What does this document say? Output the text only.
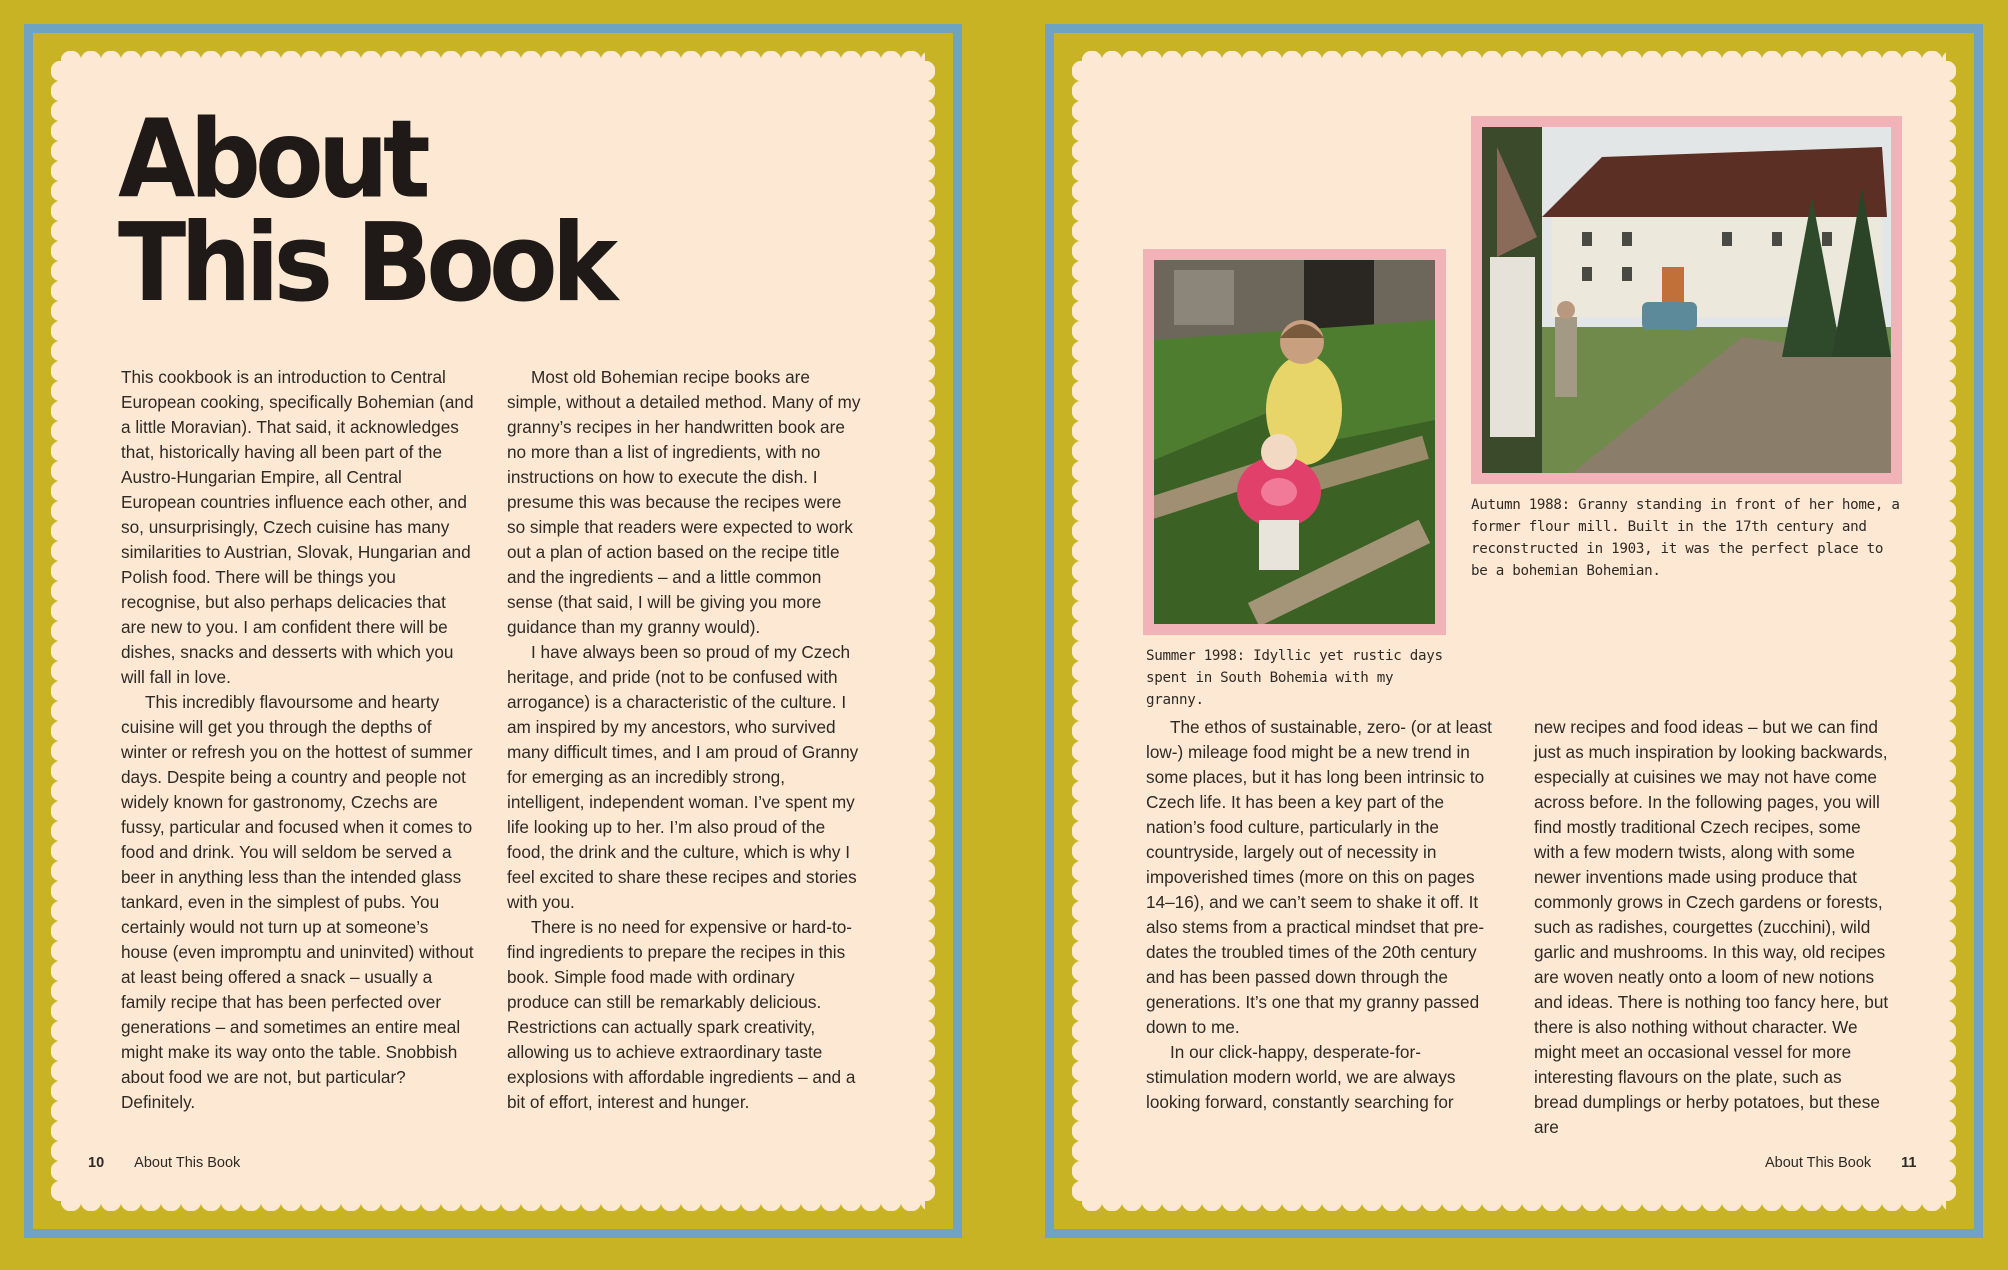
About
This Book

This cookbook is an introduction to Central European cooking, specifically Bohemian (and a little Moravian). That said, it acknowledges that, historically having all been part of the Austro-Hungarian Empire, all Central European countries influence each other, and so, unsurprisingly, Czech cuisine has many similarities to Austrian, Slovak, Hungarian and Polish food. There will be things you recognise, but also perhaps delicacies that are new to you. I am confident there will be dishes, snacks and desserts with which you will fall in love.

This incredibly flavoursome and hearty cuisine will get you through the depths of winter or refresh you on the hottest of summer days. Despite being a country and people not widely known for gastronomy, Czechs are fussy, particular and focused when it comes to food and drink. You will seldom be served a beer in anything less than the intended glass tankard, even in the simplest of pubs. You certainly would not turn up at someone’s house (even impromptu and uninvited) without at least being offered a snack – usually a family recipe that has been perfected over generations – and sometimes an entire meal might make its way onto the table. Snobbish about food we are not, but particular? Definitely.

Most old Bohemian recipe books are simple, without a detailed method. Many of my granny’s recipes in her handwritten book are no more than a list of ingredients, with no instructions on how to execute the dish. I presume this was because the recipes were so simple that readers were expected to work out a plan of action based on the recipe title and the ingredients – and a little common sense (that said, I will be giving you more guidance than my granny would).

I have always been so proud of my Czech heritage, and pride (not to be confused with arrogance) is a characteristic of the culture. I am inspired by my ancestors, who survived many difficult times, and I am proud of Granny for emerging as an incredibly strong, intelligent, independent woman. I’ve spent my life looking up to her. I’m also proud of the food, the drink and the culture, which is why I feel excited to share these recipes and stories with you.

There is no need for expensive or hard-to-find ingredients to prepare the recipes in this book. Simple food made with ordinary produce can still be remarkably delicious. Restrictions can actually spark creativity, allowing us to achieve extraordinary taste explosions with affordable ingredients – and a bit of effort, interest and hunger.

10 About This Book
Summer 1998: Idyllic yet rustic days spent in South Bohemia with my granny.
Autumn 1988: Granny standing in front of her home, a former flour mill. Built in the 17th century and reconstructed in 1903, it was the perfect place to be a bohemian Bohemian.

The ethos of sustainable, zero- (or at least low-) mileage food might be a new trend in some places, but it has long been intrinsic to Czech life. It has been a key part of the nation’s food culture, particularly in the countryside, largely out of necessity in impoverished times (more on this on pages 14–16), and we can’t seem to shake it off. It also stems from a practical mindset that pre-dates the troubled times of the 20th century and has been passed down through the generations. It’s one that my granny passed down to me.

In our click-happy, desperate-for-stimulation modern world, we are always looking forward, constantly searching for

new recipes and food ideas – but we can find just as much inspiration by looking backwards, especially at cuisines we may not have come across before. In the following pages, you will find mostly traditional Czech recipes, some with a few modern twists, along with some newer inventions made using produce that commonly grows in Czech gardens or forests, such as radishes, courgettes (zucchini), wild garlic and mushrooms. In this way, old recipes are woven neatly onto a loom of new notions and ideas. There is nothing too fancy here, but there is also nothing without character. We might meet an occasional vessel for more interesting flavours on the plate, such as bread dumplings or herby potatoes, but these are

About This Book 11
